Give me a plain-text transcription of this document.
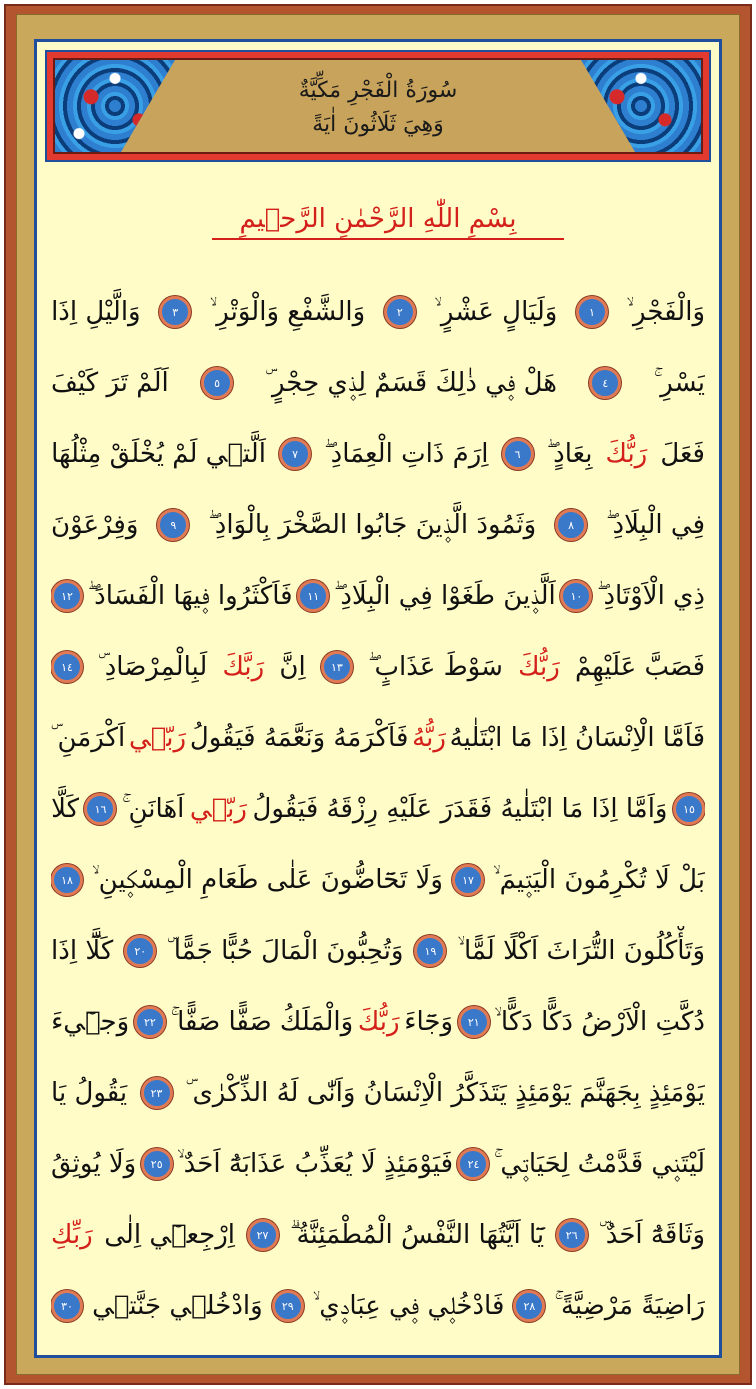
سُورَةُ الْفَجْرِ مَكِّيَّةٌ
وَهِيَ ثَلَاثُونَ اٰيَةً
بِسْمِ اللّٰهِ الرَّحْمٰنِ الرَّح۪يمِ
وَالْفَجْرِ ۙ
١
وَلَيَالٍ عَشْرٍ ۙ
٢
وَالشَّفْعِ وَالْوَتْرِ ۙ
٣
وَالَّيْلِ اِذَا
يَسْرِ ۚ
٤
هَلْ ف۪ي ذٰلِكَ قَسَمٌ لِذ۪ي حِجْرٍ ۜ
٥
اَلَمْ تَرَ كَيْفَ
فَعَلَ
رَبُّكَ
بِعَادٍ ۖ
٦
اِرَمَ ذَاتِ الْعِمَادِ ۖ
٧
اَلَّت۪ي لَمْ يُخْلَقْ مِثْلُهَا
فِي الْبِلَادِ ۖ
٨
وَثَمُودَ الَّذ۪ينَ جَابُوا الصَّخْرَ بِالْوَادِ ۖ
٩
وَفِرْعَوْنَ
ذِي الْاَوْتَادِ ۖ
١٠
اَلَّذ۪ينَ طَغَوْا فِي الْبِلَادِ ۖ
١١
فَاَكْثَرُوا ف۪يهَا الْفَسَادَ ۖ
١٢
فَصَبَّ عَلَيْهِمْ
رَبُّكَ
سَوْطَ عَذَابٍ ۖ
١٣
اِنَّ
رَبَّكَ
لَبِالْمِرْصَادِ ۜ
١٤
فَاَمَّا الْاِنْسَانُ اِذَا مَا ابْتَلٰيهُ
رَبُّهُ
فَاَكْرَمَهُ وَنَعَّمَهُ فَيَقُولُ
رَبّ۪ي
اَكْرَمَنِ ۜ
١٥
وَاَمَّا اِذَا مَا ابْتَلٰيهُ فَقَدَرَ عَلَيْهِ رِزْقَهُ فَيَقُولُ
رَبّ۪ي
اَهَانَنِ ۚ
١٦
كَلَّا
بَلْ لَا تُكْرِمُونَ الْيَت۪يمَ ۙ
١٧
وَلَا تَحَٓاضُّونَ عَلٰى طَعَامِ الْمِسْك۪ينِ ۙ
١٨
وَتَأْكُلُونَ التُّرَاثَ اَكْلًا لَمًّا ۙ
١٩
وَتُحِبُّونَ الْمَالَ حُبًّا جَمًّا ۜ
٢٠
كَلَّٓا اِذَا
دُكَّتِ الْاَرْضُ دَكًّا دَكًّا ۙ
٢١
وَجَٓاءَ
رَبُّكَ
وَالْمَلَكُ صَفًّا صَفًّا ۚ
٢٢
وَج۪ٓيءَ
يَوْمَئِذٍ بِجَهَنَّمَ يَوْمَئِذٍ يَتَذَكَّرُ الْاِنْسَانُ وَاَنّٰى لَهُ الذِّكْرٰى ۜ
٢٣
يَقُولُ يَا
لَيْتَن۪ي قَدَّمْتُ لِحَيَات۪ي ۚ
٢٤
فَيَوْمَئِذٍ لَا يُعَذِّبُ عَذَابَهُٓ اَحَدٌ ۙ
٢٥
وَلَا يُوثِقُ
وَثَاقَهُٓ اَحَدٌ ۜ
٢٦
يَٓا اَيَّتُهَا النَّفْسُ الْمُطْمَئِنَّةُ ۗ
٢٧
اِرْجِع۪ٓي اِلٰى
رَبِّكِ
رَاضِيَةً مَرْضِيَّةً ۚ
٢٨
فَادْخُل۪ي ف۪ي عِبَاد۪ي ۙ
٢٩
وَادْخُل۪ي جَنَّت۪ي
٣٠
